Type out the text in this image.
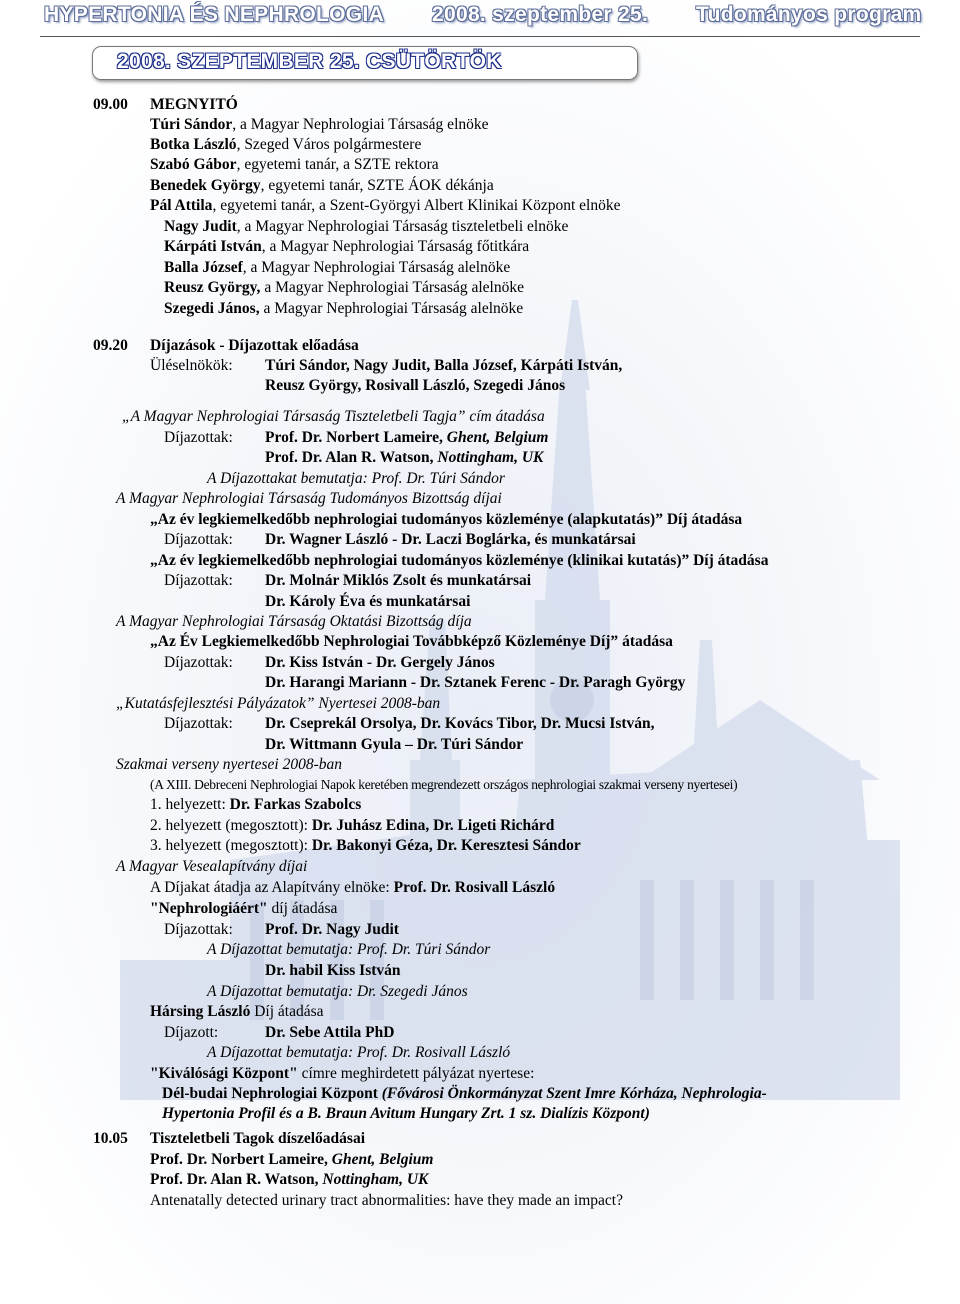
HYPERTONIA ÉS NEPHROLOGIA 2008. szeptember 25. Tudományos program
2008. SZEPTEMBER 25. CSÜTÖRTÖK
09.00 MEGNYITÓ
Túri Sándor, a Magyar Nephrologiai Társaság elnöke
Botka László, Szeged Város polgármestere
Szabó Gábor, egyetemi tanár, a SZTE rektora
Benedek György, egyetemi tanár, SZTE ÁOK dékánja
Pál Attila, egyetemi tanár, a Szent-Györgyi Albert Klinikai Központ elnöke
Nagy Judit, a Magyar Nephrologiai Társaság tiszteletbeli elnöke
Kárpáti István, a Magyar Nephrologiai Társaság főtitkára
Balla József, a Magyar Nephrologiai Társaság alelnöke
Reusz György, a Magyar Nephrologiai Társaság alelnöke
Szegedi János, a Magyar Nephrologiai Társaság alelnöke
09.20 Díjazások - Díjazottak előadása
Üléselnökök: Túri Sándor, Nagy Judit, Balla József, Kárpáti István,
Reusz György, Rosivall László, Szegedi János
„A Magyar Nephrologiai Társaság Tiszteletbeli Tagja” cím átadása
Díjazottak: Prof. Dr. Norbert Lameire, Ghent, Belgium
Prof. Dr. Alan R. Watson, Nottingham, UK
A Díjazottakat bemutatja: Prof. Dr. Túri Sándor
A Magyar Nephrologiai Társaság Tudományos Bizottság díjai
„Az év legkiemelkedőbb nephrologiai tudományos közleménye (alapkutatás)” Díj átadása
Díjazottak: Dr. Wagner László - Dr. Laczi Boglárka, és munkatársai
„Az év legkiemelkedőbb nephrologiai tudományos közleménye (klinikai kutatás)” Díj átadása
Díjazottak: Dr. Molnár Miklós Zsolt és munkatársai
Dr. Károly Éva és munkatársai
A Magyar Nephrologiai Társaság Oktatási Bizottság díja
„Az Év Legkiemelkedőbb Nephrologiai Továbbképző Közleménye Díj” átadása
Díjazottak: Dr. Kiss István - Dr. Gergely János
Dr. Harangi Mariann - Dr. Sztanek Ferenc - Dr. Paragh György
„Kutatásfejlesztési Pályázatok” Nyertesei 2008-ban
Díjazottak: Dr. Cseprekál Orsolya, Dr. Kovács Tibor, Dr. Mucsi István,
Dr. Wittmann Gyula – Dr. Túri Sándor
Szakmai verseny nyertesei 2008-ban
(A XIII. Debreceni Nephrologiai Napok keretében megrendezett országos nephrologiai szakmai verseny nyertesei)
1. helyezett: Dr. Farkas Szabolcs
2. helyezett (megosztott): Dr. Juhász Edina, Dr. Ligeti Richárd
3. helyezett (megosztott): Dr. Bakonyi Géza, Dr. Keresztesi Sándor
A Magyar Vesealapítvány díjai
A Díjakat átadja az Alapítvány elnöke: Prof. Dr. Rosivall László
"Nephrologiáért" díj átadása
Díjazottak: Prof. Dr. Nagy Judit
A Díjazottat bemutatja: Prof. Dr. Túri Sándor
Dr. habil Kiss István
A Díjazottat bemutatja: Dr. Szegedi János
Hársing László Díj átadása
Díjazott:	Dr. Sebe Attila PhD
A Díjazottat bemutatja: Prof. Dr. Rosivall László
"Kiválósági Központ" címre meghirdetett pályázat nyertese:
Dél-budai Nephrologiai Központ (Fővárosi Önkormányzat Szent Imre Kórháza, Nephrologia-
Hypertonia Profil és a B. Braun Avitum Hungary Zrt. 1 sz. Dialízis Központ)
10.05 Tiszteletbeli Tagok díszelőadásai
Prof. Dr. Norbert Lameire, Ghent, Belgium
Prof. Dr. Alan R. Watson, Nottingham, UK
Antenatally detected urinary tract abnormalities: have they made an impact?
